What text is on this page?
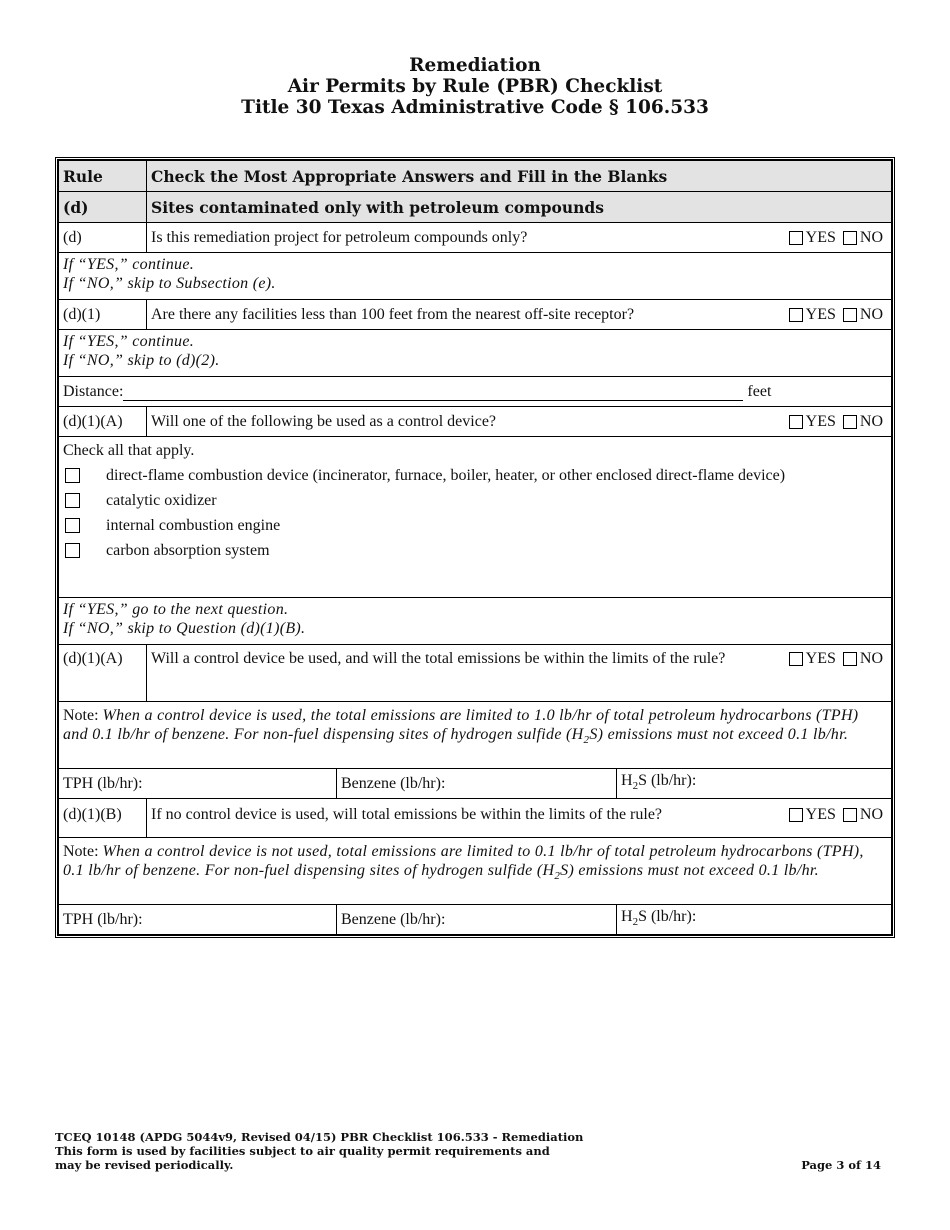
Remediation
Air Permits by Rule (PBR) Checklist
Title 30 Texas Administrative Code § 106.533
Rule	Check the Most Appropriate Answers and Fill in the Blanks		
(d)	Sites contaminated only with petroleum compounds		
(d)	Is this remediation project for petroleum compounds only? YES NO		

If “YES,” continue.
If “NO,” skip to Subsection (e).			

(d)(1)	Are there any facilities less than 100 feet from the nearest off-site receptor? YES NO		

If “YES,” continue.
If “NO,” skip to (d)(2).			

Distance: feet			

(d)(1)(A)	Will one of the following be used as a control device? YES NO		

Check all that apply.
direct-flame combustion device (incinerator, furnace, boiler, heater, or other enclosed direct-flame device)
catalytic oxidizer
internal combustion engine
carbon absorption system			

If “YES,” go to the next question.
If “NO,” skip to Question (d)(1)(B).			

(d)(1)(A)	Will a control device be used, and will the total emissions be within the limits of the rule? YES NO		

Note: When a control device is used, the total emissions are limited to 1.0 lb/hr of total petroleum hydrocarbons (TPH) and 0.1 lb/hr of benzene. For non-fuel dispensing sites of hydrogen sulfide $(H_2S)$ emissions must not exceed 0.1 lb/hr.			
TPH (lb/hr):		Benzene (lb/hr):	$H_2S$ (lb/hr):
(d)(1)(B)	If no control device is used, will total emissions be within the limits of the rule? YES NO		

Note: When a control device is not used, total emissions are limited to 0.1 lb/hr of total petroleum hydrocarbons (TPH), 0.1 lb/hr of benzene. For non-fuel dispensing sites of hydrogen sulfide $(H_2S)$ emissions must not exceed 0.1 lb/hr.			
TPH (lb/hr):		Benzene (lb/hr):	$H_2S$ (lb/hr):
TCEQ 10148 (APDG 5044v9, Revised 04/15) PBR Checklist 106.533 - Remediation
This form is used by facilities subject to air quality permit requirements and
may be revised periodically.	Page 3 of 14
